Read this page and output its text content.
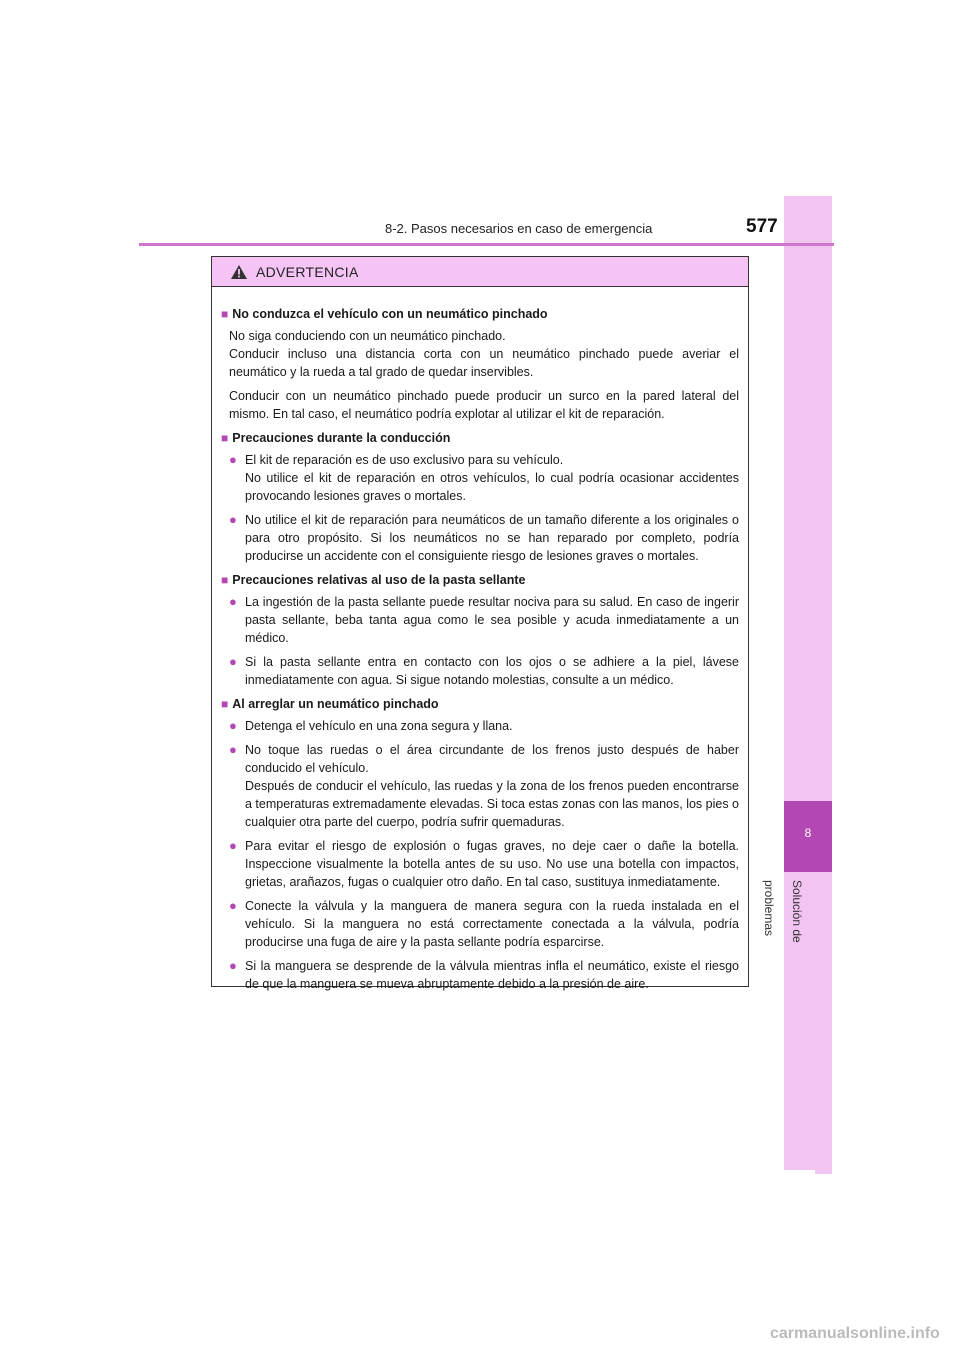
8
Solución de problemas
8-2. Pasos necesarios en caso de emergencia	577
ADVERTENCIA
■ No conduzca el vehículo con un neumático pinchado
No siga conduciendo con un neumático pinchado.
Conducir incluso una distancia corta con un neumático pinchado puede averiar el neumático y la rueda a tal grado de quedar inservibles.
Conducir con un neumático pinchado puede producir un surco en la pared lateral del mismo. En tal caso, el neumático podría explotar al utilizar el kit de reparación.
■ Precauciones durante la conducción
● El kit de reparación es de uso exclusivo para su vehículo.
No utilice el kit de reparación en otros vehículos, lo cual podría ocasionar accidentes provocando lesiones graves o mortales.
● No utilice el kit de reparación para neumáticos de un tamaño diferente a los originales o para otro propósito. Si los neumáticos no se han reparado por completo, podría producirse un accidente con el consiguiente riesgo de lesiones graves o mortales.
■ Precauciones relativas al uso de la pasta sellante
● La ingestión de la pasta sellante puede resultar nociva para su salud. En caso de ingerir pasta sellante, beba tanta agua como le sea posible y acuda inmediatamente a un médico.
● Si la pasta sellante entra en contacto con los ojos o se adhiere a la piel, lávese inmediatamente con agua. Si sigue notando molestias, consulte a un médico.
■ Al arreglar un neumático pinchado
● Detenga el vehículo en una zona segura y llana.
● No toque las ruedas o el área circundante de los frenos justo después de haber conducido el vehículo.
Después de conducir el vehículo, las ruedas y la zona de los frenos pueden encontrarse a temperaturas extremadamente elevadas. Si toca estas zonas con las manos, los pies o cualquier otra parte del cuerpo, podría sufrir quemaduras.
● Para evitar el riesgo de explosión o fugas graves, no deje caer o dañe la botella. Inspeccione visualmente la botella antes de su uso. No use una botella con impactos, grietas, arañazos, fugas o cualquier otro daño. En tal caso, sustituya inmediatamente.
● Conecte la válvula y la manguera de manera segura con la rueda instalada en el vehículo. Si la manguera no está correctamente conectada a la válvula, podría producirse una fuga de aire y la pasta sellante podría esparcirse.
● Si la manguera se desprende de la válvula mientras infla el neumático, existe el riesgo de que la manguera se mueva abruptamente debido a la presión de aire.
carmanualsonline.info
